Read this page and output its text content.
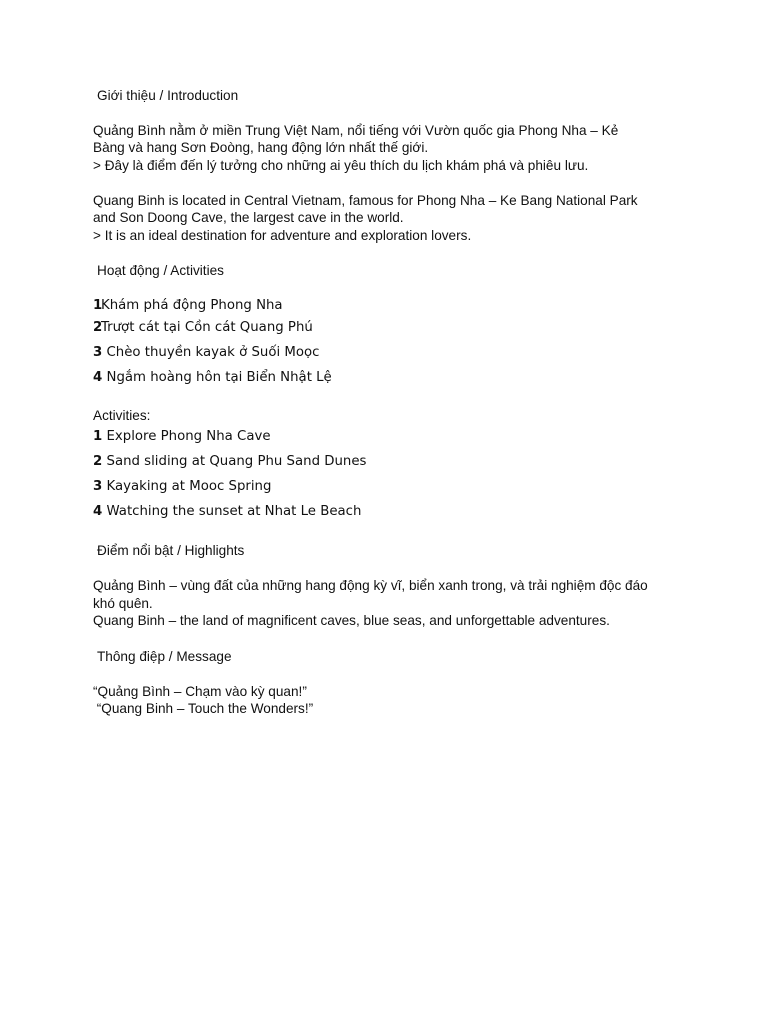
Giới thiệu / Introduction
Quảng Bình nằm ở miền Trung Việt Nam, nổi tiếng với Vườn quốc gia Phong Nha – Kẻ
Bàng và hang Sơn Đoòng, hang động lớn nhất thế giới.
> Đây là điểm đến lý tưởng cho những ai yêu thích du lịch khám phá và phiêu lưu.
Quang Binh is located in Central Vietnam, famous for Phong Nha – Ke Bang National Park
and Son Doong Cave, the largest cave in the world.
> It is an ideal destination for adventure and exploration lovers.
Hoạt động / Activities
1Khám phá động Phong Nha
2Trượt cát tại Cồn cát Quang Phú
3 Chèo thuyền kayak ở Suối Moọc
4 Ngắm hoàng hôn tại Biển Nhật Lệ
Activities:
1 Explore Phong Nha Cave
2 Sand sliding at Quang Phu Sand Dunes
3 Kayaking at Mooc Spring
4 Watching the sunset at Nhat Le Beach
Điểm nổi bật / Highlights
Quảng Bình – vùng đất của những hang động kỳ vĩ, biển xanh trong, và trải nghiệm độc đáo
khó quên.
Quang Binh – the land of magnificent caves, blue seas, and unforgettable adventures.
Thông điệp / Message
“Quảng Bình – Chạm vào kỳ quan!”
“Quang Binh – Touch the Wonders!”
